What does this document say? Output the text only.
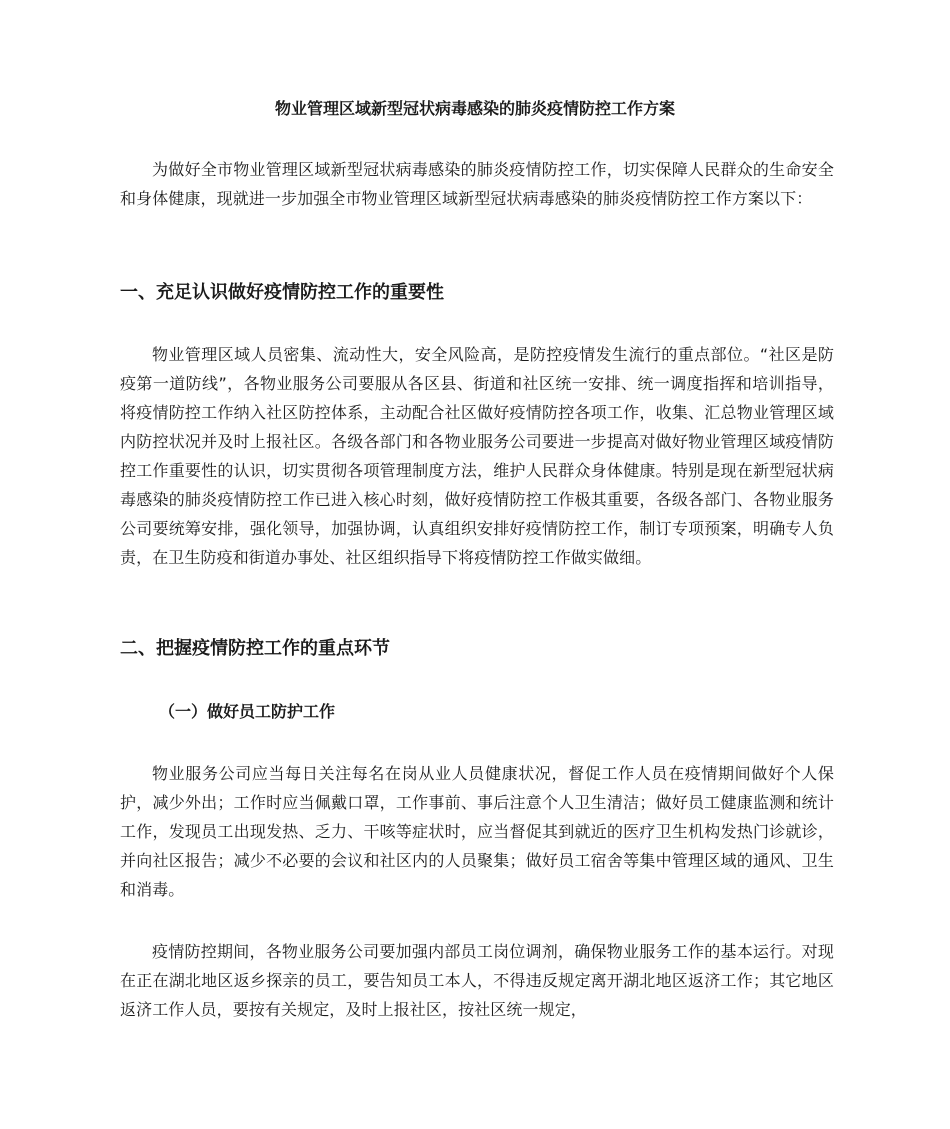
物业管理区域新型冠状病毒感染的肺炎疫情防控工作方案

为做好全市物业管理区域新型冠状病毒感染的肺炎疫情防控工作，切实保障人民群众的生命安全和身体健康，现就进一步加强全市物业管理区域新型冠状病毒感染的肺炎疫情防控工作方案以下：

一、充足认识做好疫情防控工作的重要性

物业管理区域人员密集、流动性大，安全风险高，是防控疫情发生流行的重点部位。“社区是防疫第一道防线”，各物业服务公司要服从各区县、街道和社区统一安排、统一调度指挥和培训指导，将疫情防控工作纳入社区防控体系，主动配合社区做好疫情防控各项工作，收集、汇总物业管理区域内防控状况并及时上报社区。各级各部门和各物业服务公司要进一步提高对做好物业管理区域疫情防控工作重要性的认识，切实贯彻各项管理制度方法，维护人民群众身体健康。特别是现在新型冠状病毒感染的肺炎疫情防控工作已进入核心时刻，做好疫情防控工作极其重要，各级各部门、各物业服务公司要统筹安排，强化领导，加强协调，认真组织安排好疫情防控工作，制订专项预案，明确专人负责，在卫生防疫和街道办事处、社区组织指导下将疫情防控工作做实做细。

二、把握疫情防控工作的重点环节
（一）做好员工防护工作

物业服务公司应当每日关注每名在岗从业人员健康状况，督促工作人员在疫情期间做好个人保护，减少外出；工作时应当佩戴口罩，工作事前、事后注意个人卫生清洁；做好员工健康监测和统计工作，发现员工出现发热、乏力、干咳等症状时，应当督促其到就近的医疗卫生机构发热门诊就诊，并向社区报告；减少不必要的会议和社区内的人员聚集；做好员工宿舍等集中管理区域的通风、卫生和消毒。

疫情防控期间，各物业服务公司要加强内部员工岗位调剂，确保物业服务工作的基本运行。对现在正在湖北地区返乡探亲的员工，要告知员工本人，不得违反规定离开湖北地区返济工作；其它地区返济工作人员，要按有关规定，及时上报社区，按社区统一规定，
